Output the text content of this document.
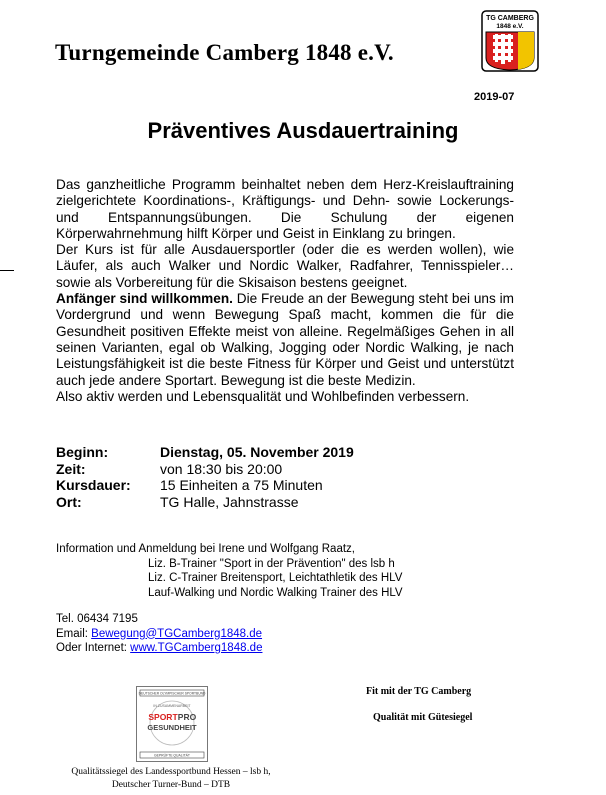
Turngemeinde Camberg 1848 e.V.
TG CAMBERG
1848 e.V.
2019-07
Präventives Ausdauertraining

Das ganzheitliche Programm beinhaltet neben dem Herz-Kreislauftraining zielgerichtete Koordinations-, Kräftigungs- und Dehn- sowie Lockerungs- und Entspannungsübungen. Die Schulung der eigenen Körperwahrnehmung hilft Körper und Geist in Einklang zu bringen.

Der Kurs ist für alle Ausdauersportler (oder die es werden wollen), wie Läufer, als auch Walker und Nordic Walker, Radfahrer, Tennisspieler… sowie als Vorbereitung für die Skisaison bestens geeignet.

Anfänger sind willkommen. Die Freude an der Bewegung steht bei uns im Vordergrund und wenn Bewegung Spaß macht, kommen die für die Gesundheit positiven Effekte meist von alleine. Regelmäßiges Gehen in all seinen Varianten, egal ob Walking, Jogging oder Nordic Walking, je nach Leistungsfähigkeit ist die beste Fitness für Körper und Geist und unterstützt auch jede andere Sportart. Bewegung ist die beste Medizin.

Also aktiv werden und Lebensqualität und Wohlbefinden verbessern.

Beginn:	Dienstag, 05. November 2019
Zeit:	von 18:30 bis 20:00
Kursdauer:	15 Einheiten a 75 Minuten
Ort:	TG Halle, Jahnstrasse
Information und Anmeldung bei Irene und Wolfgang Raatz,
Liz. B-Trainer "Sport in der Prävention" des lsb h
Liz. C-Trainer Breitensport, Leichtathletik des HLV
Lauf-Walking und Nordic Walking Trainer des HLV
Tel. 06434 7195
Email: Bewegung@TGCamberg1848.de
Oder Internet: www.TGCamberg1848.de
DEUTSCHER OLYMPISCHER SPORTBUND
IN ZUSAMMENARBEIT
SPORT PRO
GESUNDHEIT
GEPRÜFTE QUALITÄT
Qualitätssiegel des Landessportbund Hessen – lsb h,
Deutscher Turner-Bund – DTB
Fit mit der TG Camberg
Qualität mit Gütesiegel
